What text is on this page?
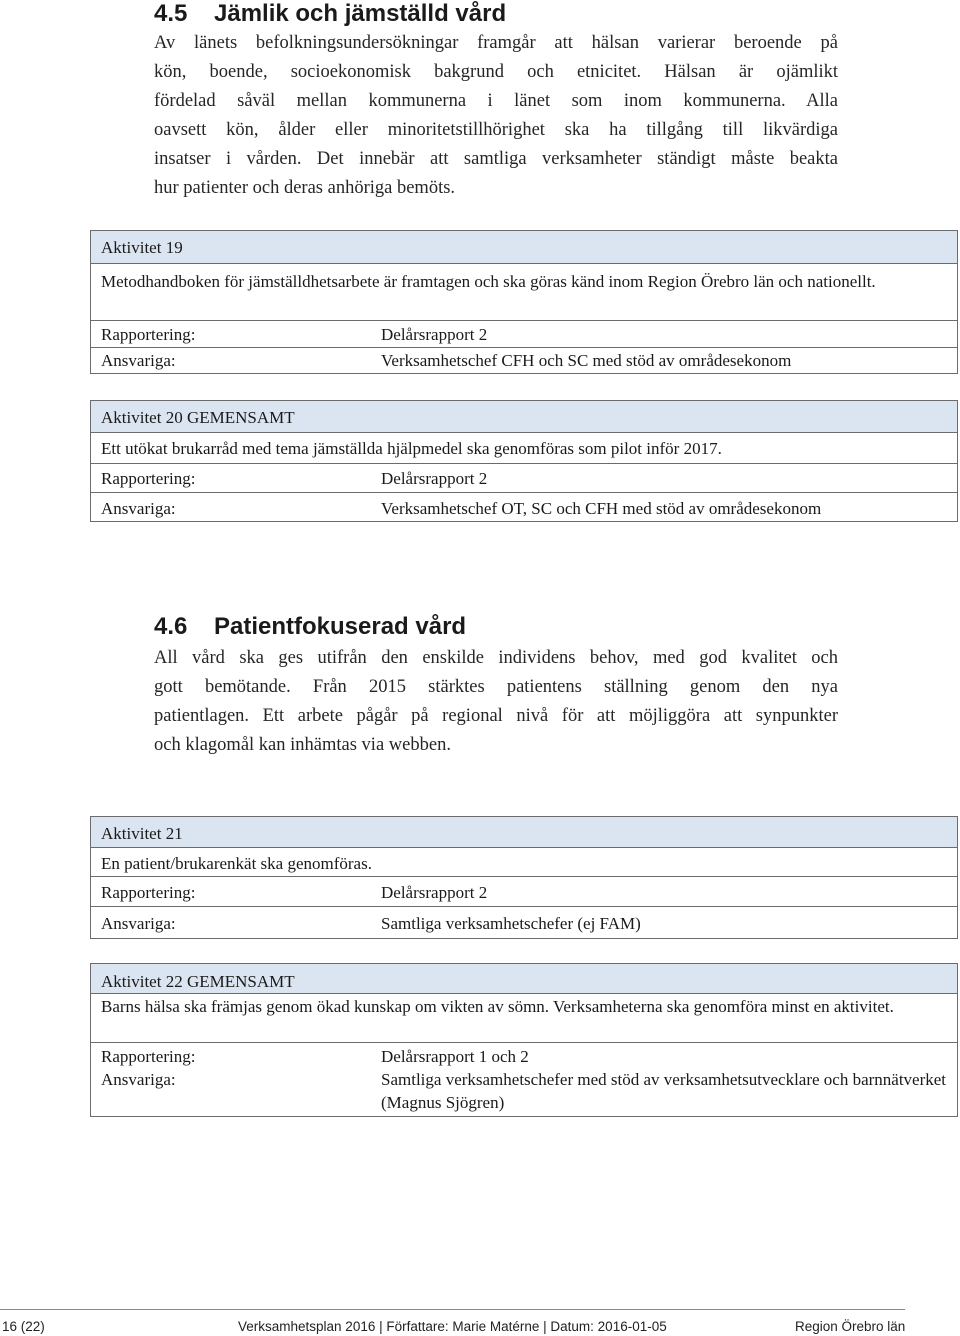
4.5 Jämlik och jämställd vård
Av länets befolkningsundersökningar framgår att hälsan varierar beroende på
kön, boende, socioekonomisk bakgrund och etnicitet. Hälsan är ojämlikt
fördelad såväl mellan kommunerna i länet som inom kommunerna. Alla
oavsett kön, ålder eller minoritetstillhörighet ska ha tillgång till likvärdiga
insatser i vården. Det innebär att samtliga verksamheter ständigt måste beakta
hur patienter och deras anhöriga bemöts.
Aktivitet 19
Metodhandboken för jämställdhetsarbete är framtagen och ska göras känd inom Region Örebro län och nationellt.
Rapportering:	Delårsrapport 2
Ansvariga:	Verksamhetschef CFH och SC med stöd av områdesekonom
Aktivitet 20 GEMENSAMT
Ett utökat brukarråd med tema jämställda hjälpmedel ska genomföras som pilot inför 2017.
Rapportering:	Delårsrapport 2
Ansvariga:	Verksamhetschef OT, SC och CFH med stöd av områdesekonom
4.6 Patientfokuserad vård
All vård ska ges utifrån den enskilde individens behov, med god kvalitet och
gott bemötande. Från 2015 stärktes patientens ställning genom den nya
patientlagen. Ett arbete pågår på regional nivå för att möjliggöra att synpunkter
och klagomål kan inhämtas via webben.
Aktivitet 21
En patient/brukarenkät ska genomföras.
Rapportering:	Delårsrapport 2
Ansvariga:	Samtliga verksamhetschefer (ej FAM)
Aktivitet 22 GEMENSAMT
Barns hälsa ska främjas genom ökad kunskap om vikten av sömn. Verksamheterna ska genomföra minst en aktivitet.
Rapportering:	Delårsrapport 1 och 2
Ansvariga:	Samtliga verksamhetschefer med stöd av verksamhetsutvecklare och barnnätverket (Magnus Sjögren)

16 (22)	Verksamhetsplan 2016 | Författare: Marie Matérne | Datum: 2016-01-05	Region Örebro län
